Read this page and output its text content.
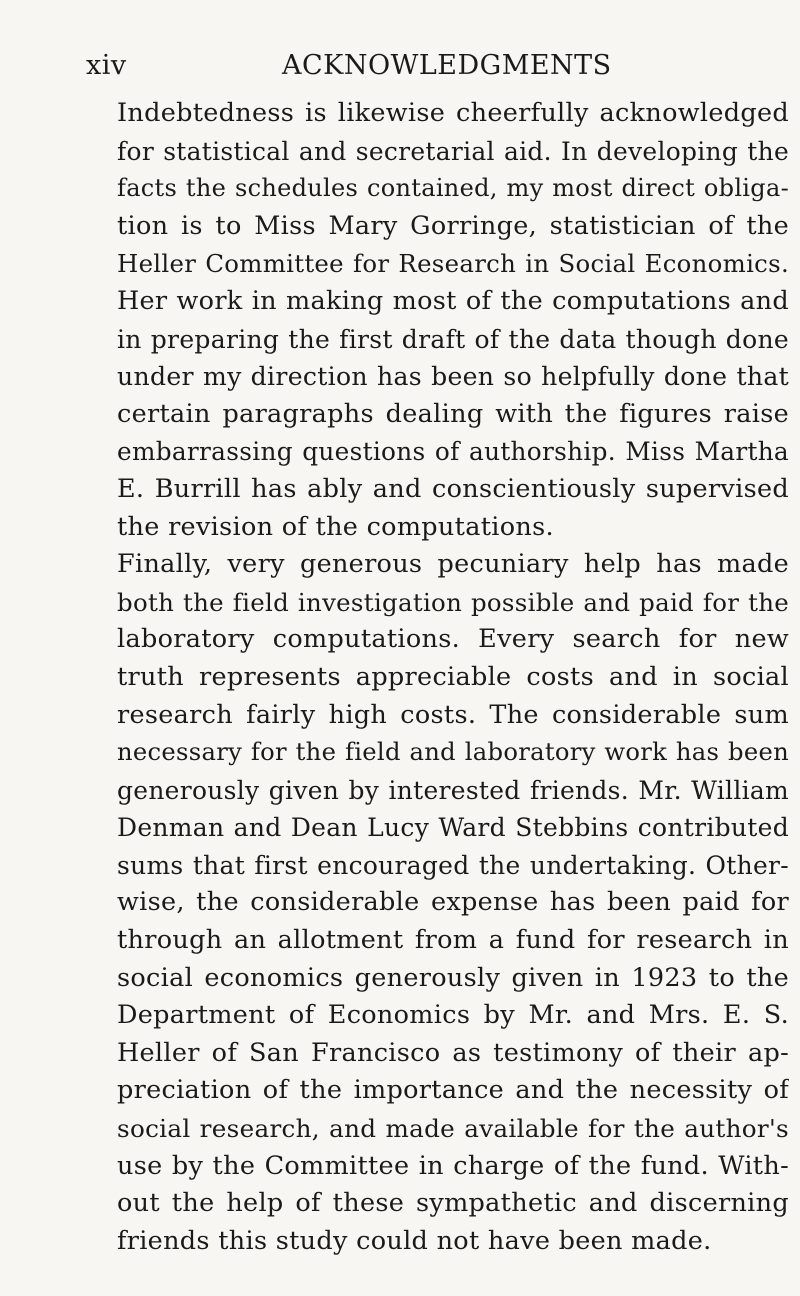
xiv	ACKNOWLEDGMENTS
Indebtedness is likewise cheerfully acknowledged
for statistical and secretarial aid. In developing the
facts the schedules contained, my most direct obliga-
tion is to Miss Mary Gorringe, statistician of the
Heller Committee for Research in Social Economics.
Her work in making most of the computations and
in preparing the first draft of the data though done
under my direction has been so helpfully done that
certain paragraphs dealing with the figures raise
embarrassing questions of authorship. Miss Martha
E. Burrill has ably and conscientiously supervised
the revision of the computations.
Finally, very generous pecuniary help has made
both the field investigation possible and paid for the
laboratory computations. Every search for new
truth represents appreciable costs and in social
research fairly high costs. The considerable sum
necessary for the field and laboratory work has been
generously given by interested friends. Mr. William
Denman and Dean Lucy Ward Stebbins contributed
sums that first encouraged the undertaking. Other-
wise, the considerable expense has been paid for
through an allotment from a fund for research in
social economics generously given in 1923 to the
Department of Economics by Mr. and Mrs. E. S.
Heller of San Francisco as testimony of their ap-
preciation of the importance and the necessity of
social research, and made available for the author's
use by the Committee in charge of the fund. With-
out the help of these sympathetic and discerning
friends this study could not have been made.
